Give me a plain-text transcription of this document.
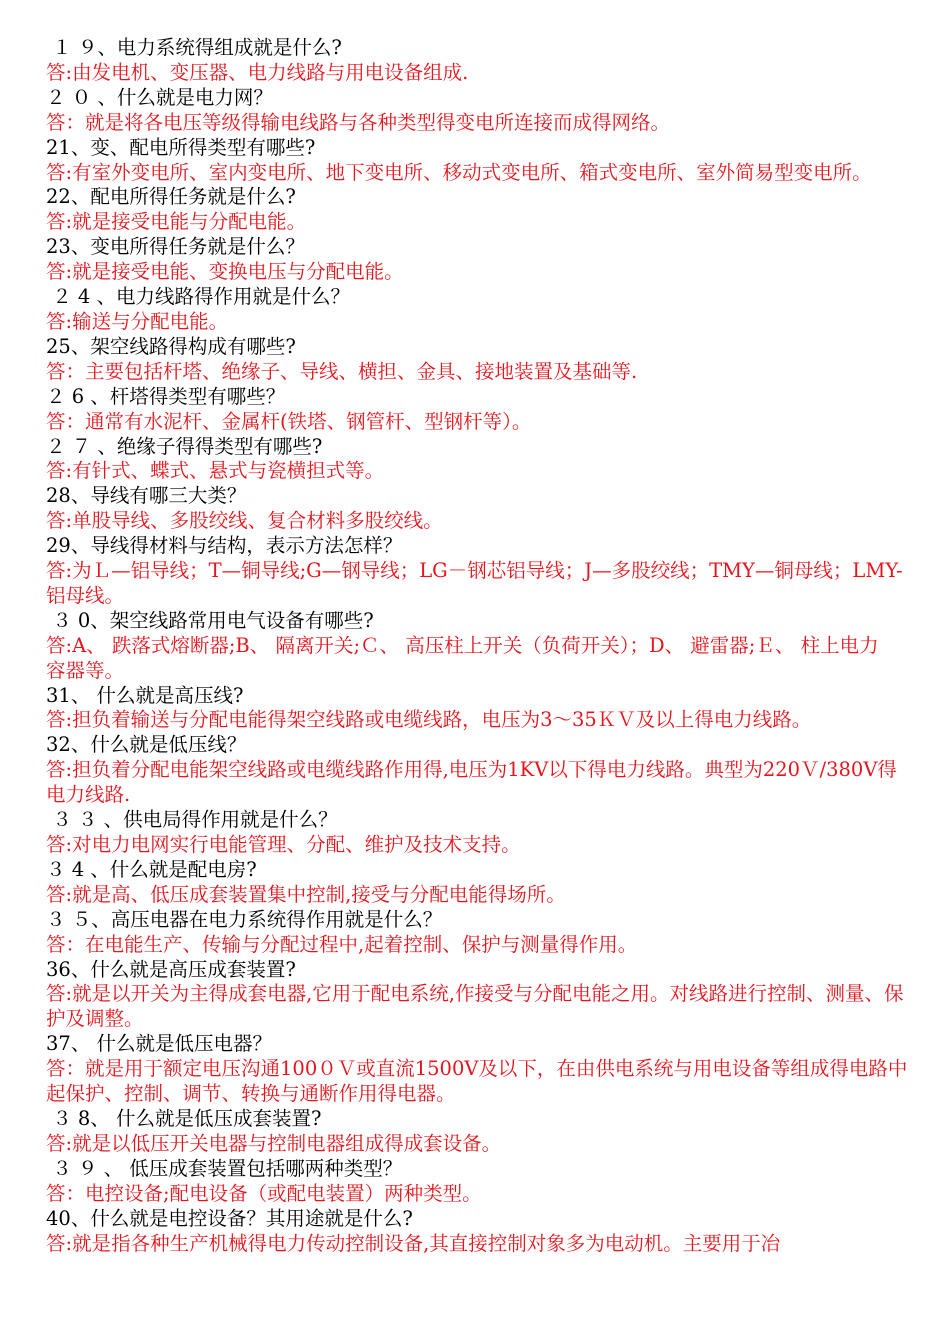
１ ９、电力系统得组成就是什么?
答:由发电机、变压器、电力线路与用电设备组成.
２ ０ 、什么就是电力网？
答：就是将各电压等级得输电线路与各种类型得变电所连接而成得网络。
21、变、配电所得类型有哪些?
答:有室外变电所、室内变电所、地下变电所、移动式变电所、箱式变电所、室外简易型变电所。
22、配电所得任务就是什么?
答:就是接受电能与分配电能。
23、变电所得任务就是什么？
答:就是接受电能、变换电压与分配电能。
２ 4 、电力线路得作用就是什么？
答:输送与分配电能。
25、架空线路得构成有哪些?
答：主要包括杆塔、绝缘子、导线、横担、金具、接地装置及基础等.
２ 6 、杆塔得类型有哪些？
答：通常有水泥杆、金属杆(铁塔、钢管杆、型钢杆等）。
２ ７ 、绝缘子得得类型有哪些?
答:有针式、蝶式、悬式与瓷横担式等。
28、导线有哪三大类？
答:单股导线、多股绞线、复合材料多股绞线。
29、导线得材料与结构，表示方法怎样？
答:为Ｌ—铝导线；T—铜导线;G—钢导线；LG－钢芯铝导线；J—多股绞线；TMY—铜母线；LMY-铝母线。
３ 0、架空线路常用电气设备有哪些?
答:A、 跌落式熔断器;B、 隔离开关;Ｃ、 高压柱上开关（负荷开关）；D、 避雷器;Ｅ、 柱上电力
容器等。
31、 什么就是高压线?
答:担负着输送与分配电能得架空线路或电缆线路，电压为3～35ＫＶ及以上得电力线路。
32、什么就是低压线？
答:担负着分配电能架空线路或电缆线路作用得,电压为1KV以下得电力线路。典型为220Ｖ/380V得电力线路.
３ ３ 、供电局得作用就是什么？
答:对电力电网实行电能管理、分配、维护及技术支持。
３ 4 、什么就是配电房?
答:就是高、低压成套装置集中控制,接受与分配电能得场所。
３ ５、高压电器在电力系统得作用就是什么？
答：在电能生产、传输与分配过程中,起着控制、保护与测量得作用。
36、什么就是高压成套装置?
答:就是以开关为主得成套电器,它用于配电系统,作接受与分配电能之用。对线路进行控制、测量、保护及调整。
37、 什么就是低压电器？
答：就是用于额定电压沟通100０Ｖ或直流1500V及以下，在由供电系统与用电设备等组成得电路中起保护、控制、调节、转换与通断作用得电器。
３ 8、 什么就是低压成套装置?
答:就是以低压开关电器与控制电器组成得成套设备。
３ ９ 、 低压成套装置包括哪两种类型？
答：电控设备;配电设备（或配电装置）两种类型。
40、什么就是电控设备？其用途就是什么?
答:就是指各种生产机械得电力传动控制设备,其直接控制对象多为电动机。主要用于冶
